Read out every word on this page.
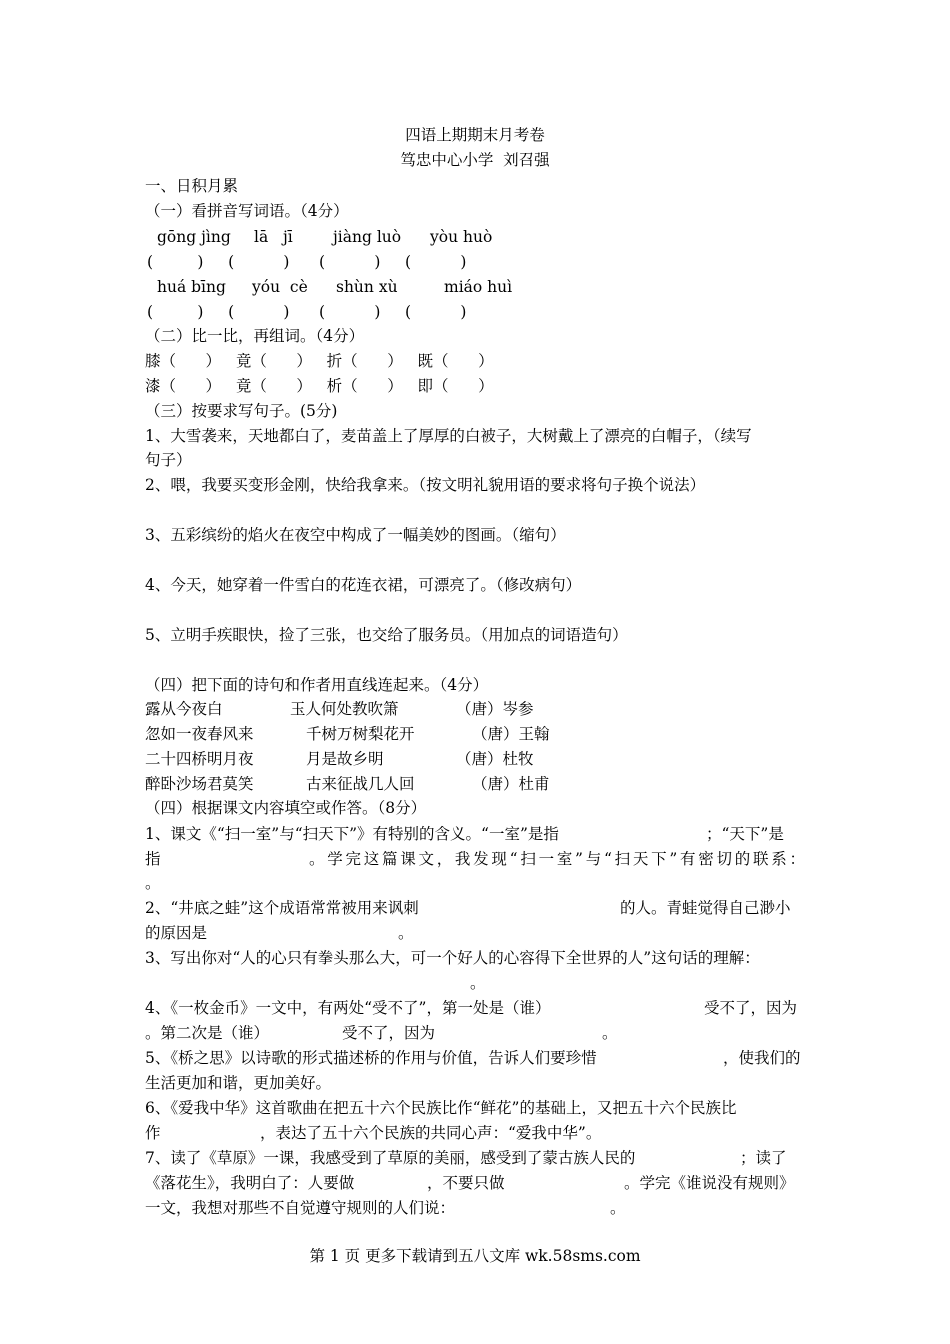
四语上期期末月考卷
笃忠中心小学  刘召强
一、日积月累
（一）看拼音写词语。（4分）
gōng jìng lā   jī	jiàng luò yòu huò
(         )     (          )      (          )     (          )
huá bīng yóu  cè shùn xù	miáo huì
(         )     (          )      (          )     (          )
（二）比一比，再组词。（4分）
膝（      ）   竟（      ）   折（      ）   既（      ）
漆（      ）   竟（      ）   析（      ）   即（      ）
（三）按要求写句子。(5分)
1、大雪袭来，天地都白了，麦苗盖上了厚厚的白被子，大树戴上了漂亮的白帽子，（续写
句子）
2、喂，我要买变形金刚，快给我拿来。（按文明礼貌用语的要求将句子换个说法）
3、五彩缤纷的焰火在夜空中构成了一幅美妙的图画。（缩句）
4、今天，她穿着一件雪白的花连衣裙，可漂亮了。（修改病句）
5、立明手疾眼快，捡了三张，也交给了服务员。（用加点的词语造句）
（四）把下面的诗句和作者用直线连起来。（4分）
露从今夜白	玉人何处教吹箫	（唐）岑参
忽如一夜春风来	千树万树梨花开	（唐）王翰
二十四桥明月夜	月是故乡明	（唐）杜牧
醉卧沙场君莫笑	古来征战几人回	（唐）杜甫
（四）根据课文内容填空或作答。（8分）
1、课文《“扫一室”与“扫天下”》有特别的含义。“一室”是指	；“天下”是
指                   。学完这篇课文，我发现“扫一室”与“扫天下”有密切的联系：
。
2、“井底之蛙”这个成语常常被用来讽刺	的人。青蛙觉得自己渺小
的原因是	。
3、写出你对“人的心只有拳头那么大，可一个好人的心容得下全世界的人”这句话的理解：
。
4、《一枚金币》一文中，有两处“受不了”，第一处是（谁）	受不了，因为
。第二次是（谁）	受不了，因为	。
5、《桥之思》以诗歌的形式描述桥的作用与价值，告诉人们要珍惜	，使我们的
生活更加和谐，更加美好。
6、《爱我中华》这首歌曲在把五十六个民族比作“鲜花”的基础上，又把五十六个民族比
作	，表达了五十六个民族的共同心声：“爱我中华”。
7、读了《草原》一课，我感受到了草原的美丽，感受到了蒙古族人民的	；读了
《落花生》，我明白了：人要做	，不要只做	。学完《谁说没有规则》
一文，我想对那些不自觉遵守规则的人们说：	。
第 1 页 更多下载请到五八文库 wk.58sms.com
